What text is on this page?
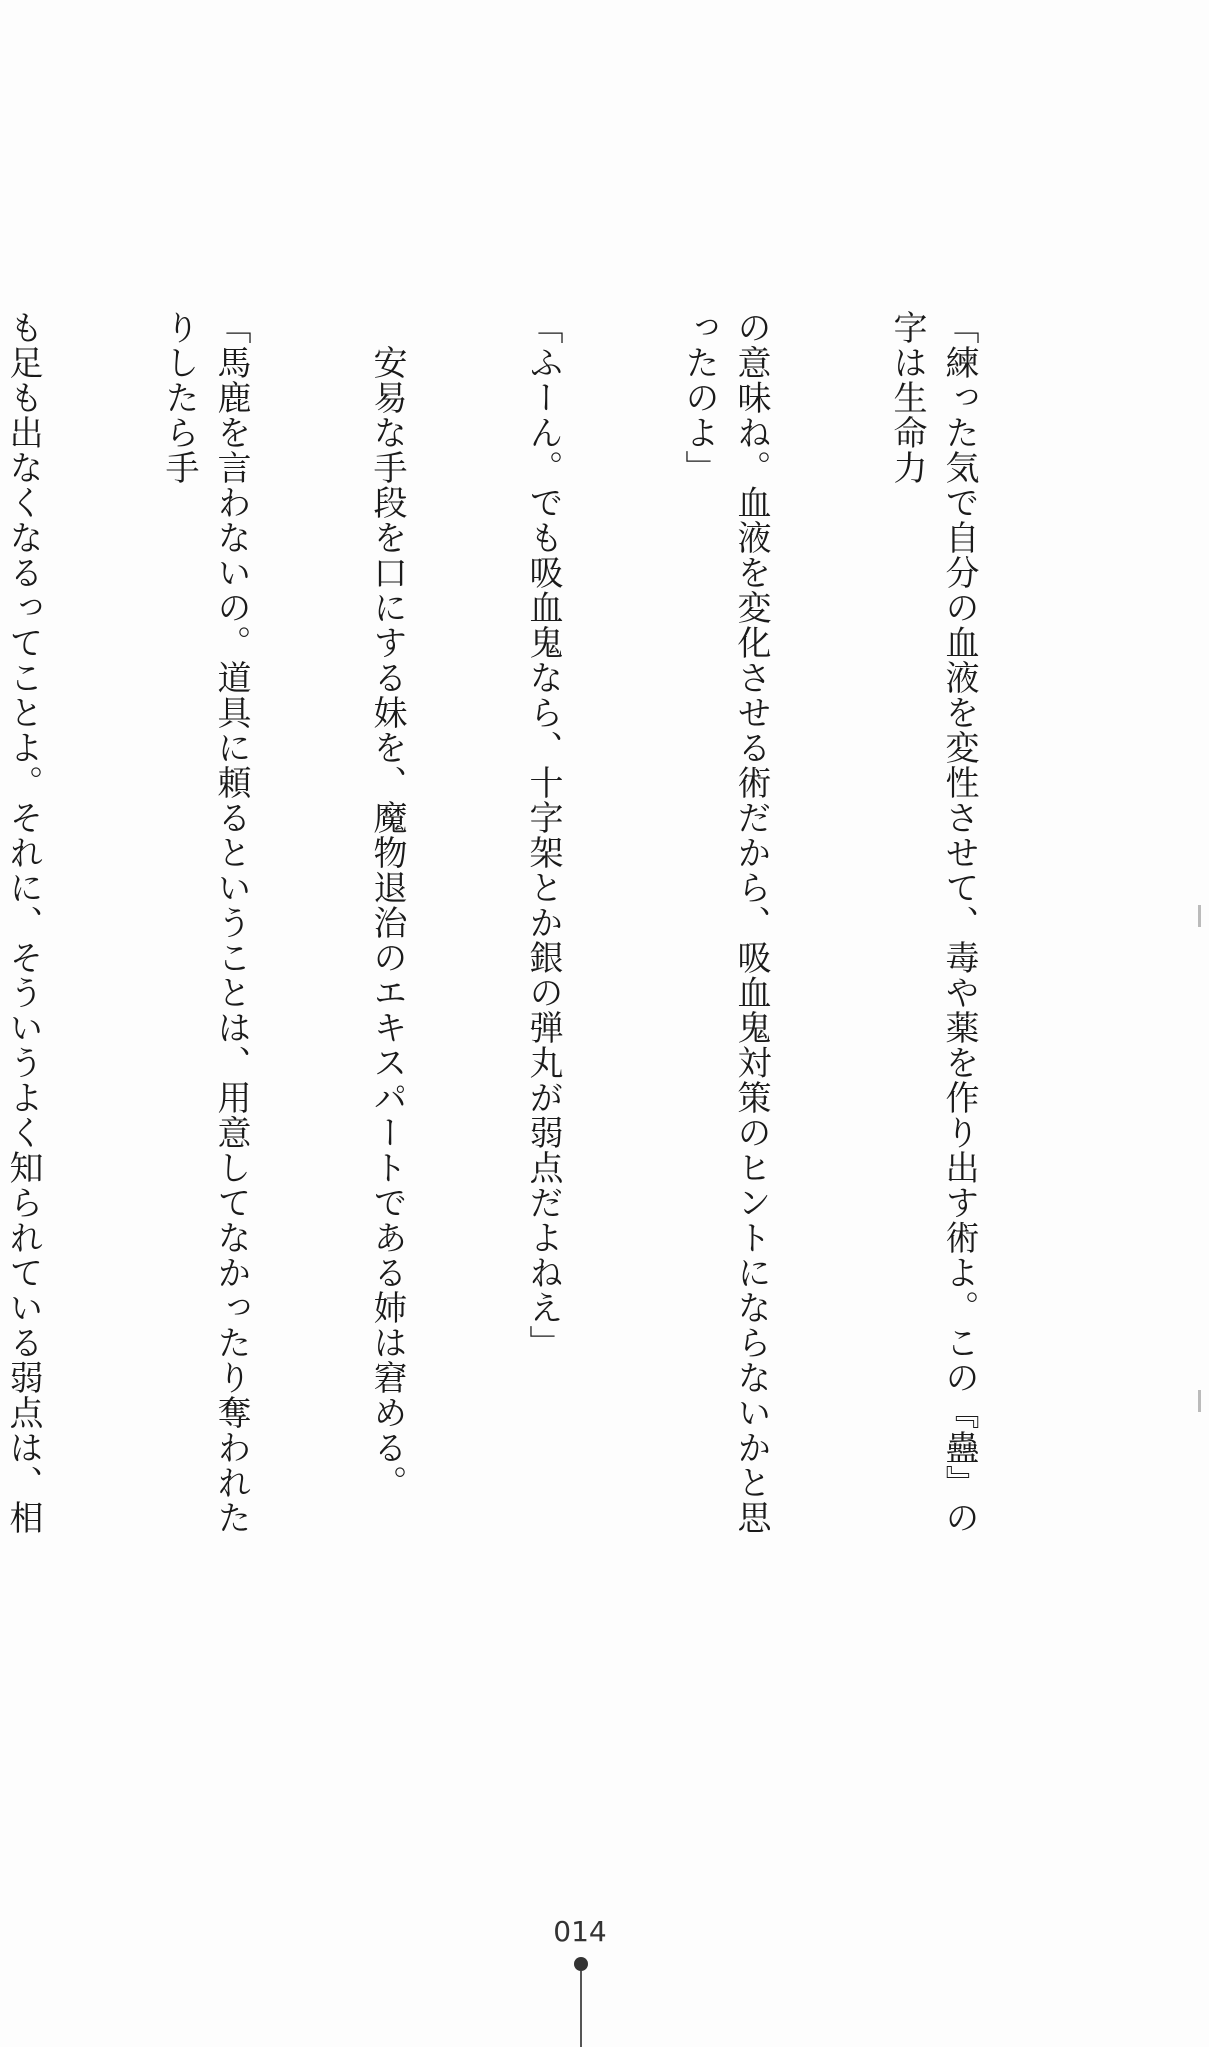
「練った気で自分の血液を変性させて、毒や薬を作り出す術よ。この『蠱』の字は生命力

の意味ね。血液を変化させる術だから、吸血鬼対策のヒントにならないかと思ったのよ」

「ふーん。でも吸血鬼なら、十字架とか銀の弾丸が弱点だよねえ」

　安易な手段を口にする妹を、魔物退治のエキスパートである姉は窘める。

「馬鹿を言わないの。道具に頼るということは、用意してなかったり奪われたりしたら手

も足も出なくなるってことよ。それに、そういうよく知られている弱点は、相

014
